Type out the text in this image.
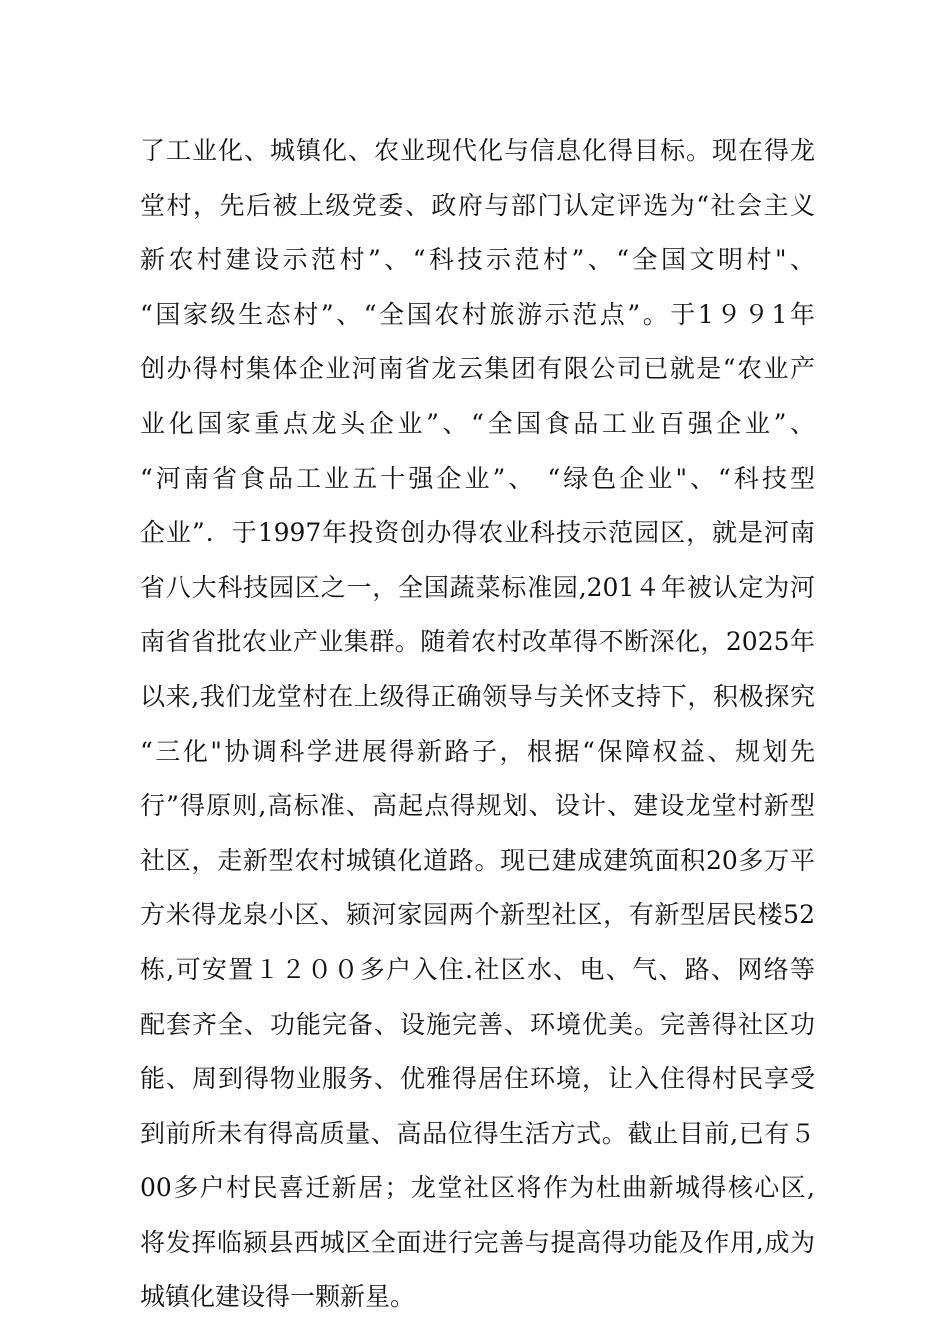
了工业化、城镇化、农业现代化与信息化得目标。现在得龙
堂村，先后被上级党委、政府与部门认定评选为“社会主义
新农村建设示范村”、“科技示范村”、“全国文明村"、
“国家级生态村”、“全国农村旅游示范点”。于1９９1年
创办得村集体企业河南省龙云集团有限公司已就是“农业产
业化国家重点龙头企业”、“全国食品工业百强企业”、
“河南省食品工业五十强企业”、 “绿色企业"、“科技型
企业”．于1997年投资创办得农业科技示范园区，就是河南
省八大科技园区之一，全国蔬菜标准园,201４年被认定为河
南省省批农业产业集群。随着农村改革得不断深化，2025年
以来,我们龙堂村在上级得正确领导与关怀支持下，积极探究
“三化"协调科学进展得新路子，根据“保障权益、规划先
行”得原则,高标准、高起点得规划、设计、建设龙堂村新型
社区，走新型农村城镇化道路。现已建成建筑面积20多万平
方米得龙泉小区、颍河家园两个新型社区，有新型居民楼52
栋,可安置１２００多户入住.社区水、电、气、路、网络等
配套齐全、功能完备、设施完善、环境优美。完善得社区功
能、周到得物业服务、优雅得居住环境，让入住得村民享受
到前所未有得高质量、高品位得生活方式。截止目前,已有５
00多户村民喜迁新居；龙堂社区将作为杜曲新城得核心区,
将发挥临颍县西城区全面进行完善与提高得功能及作用,成为
城镇化建设得一颗新星。
